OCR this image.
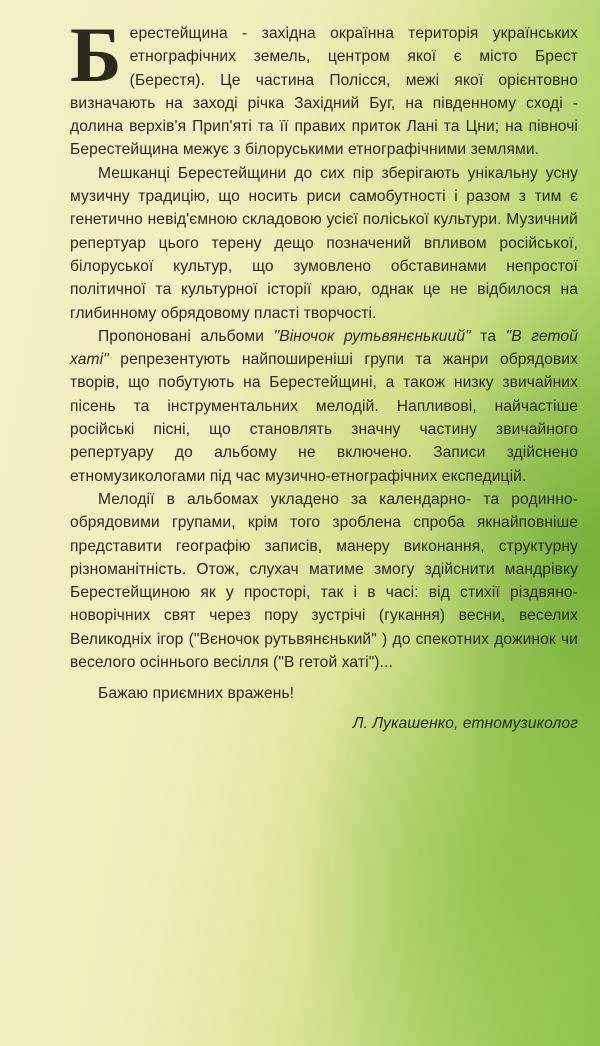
Берестейщина - західна окраїнна територія українських етнографічних земель, центром якої є місто Брест (Берестя). Це частина Полісся, межі якої орієнтовно визначають на заході річка Західний Буг, на південному сході - долина верхів'я Прип'яті та її правих приток Лані та Цни; на півночі Берестейщина межує з білоруськими етнографічними землями.

Мешканці Берестейщини до сих пір зберігають унікальну усну музичну традицію, що носить риси самобутності і разом з тим є генетично невід'ємною складовою усієї поліської культури. Музичний репертуар цього терену дещо позначений впливом російської, білоруської культур, що зумовлено обставинами непростої політичної та культурної історії краю, однак це не відбилося на глибинному обрядовому пласті творчості.

Пропоновані альбоми "Віночок рутьвянєнькиий" та "В гетой хаті" репрезентують найпоширеніші групи та жанри обрядових творів, що побутують на Берестейщині, а також низку звичайних пісень та інструментальних мелодій. Напливові, найчастіше російські пісні, що становлять значну частину звичайного репертуару до альбому не включено. Записи здійснено етномузикологами під час музично-етнографічних експедицій.

Мелодії в альбомах укладено за календарно- та родинно-обрядовими групами, крім того зроблена спроба якнайповніше представити географію записів, манеру виконання, структурну різноманітність. Отож, слухач матиме змогу здійснити мандрівку Берестейщиною як у просторі, так і в часі: від стихії різдвяно-новорічних свят через пору зустрічі (гукання) весни, веселих Великодніх ігор ("Вєночок рутьвянєнький" ) до спекотних дожинок чи веселого осіннього весілля ("В гетой хаті")...

Бажаю приємних вражень!

Л. Лукашенко, етномузиколог
